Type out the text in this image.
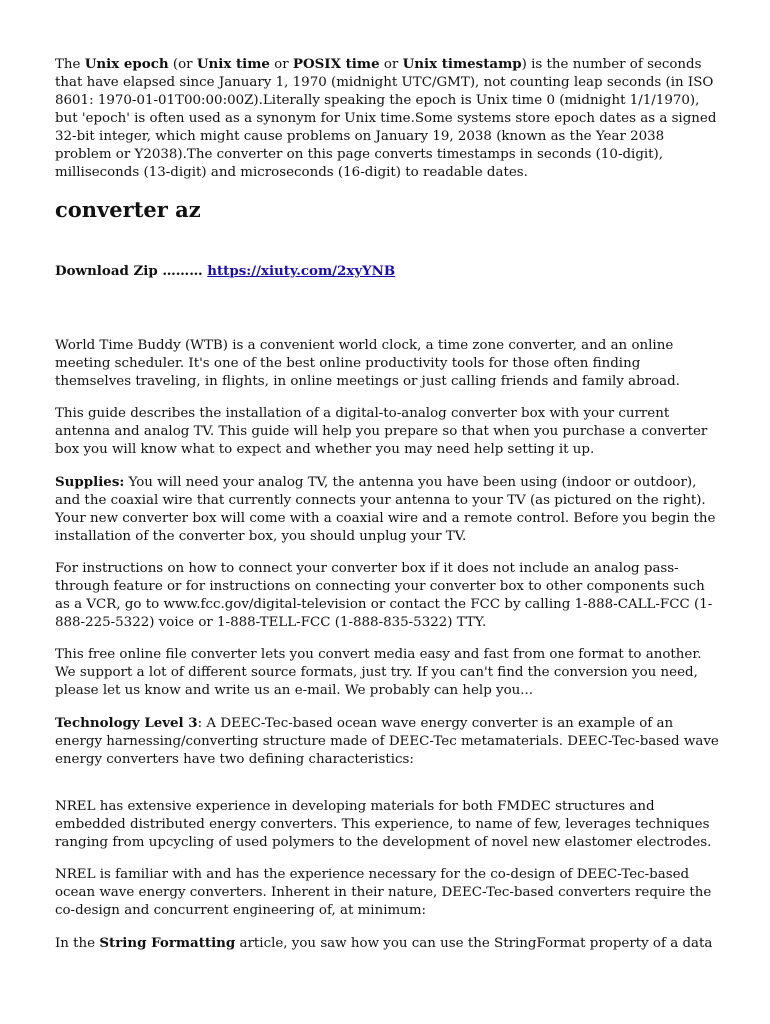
The Unix epoch (or Unix time or POSIX time or Unix timestamp) is the number of seconds that have elapsed since January 1, 1970 (midnight UTC/GMT), not counting leap seconds (in ISO 8601: 1970-01-01T00:00:00Z).Literally speaking the epoch is Unix time 0 (midnight 1/1/1970), but 'epoch' is often used as a synonym for Unix time.Some systems store epoch dates as a signed 32-bit integer, which might cause problems on January 19, 2038 (known as the Year 2038 problem or Y2038).The converter on this page converts timestamps in seconds (10-digit), milliseconds (13-digit) and microseconds (16-digit) to readable dates.

converter az

Download Zip ……… https://xiuty.com/2xyYNB

World Time Buddy (WTB) is a convenient world clock, a time zone converter, and an online meeting scheduler. It's one of the best online productivity tools for those often finding themselves traveling, in flights, in online meetings or just calling friends and family abroad.

This guide describes the installation of a digital-to-analog converter box with your current antenna and analog TV. This guide will help you prepare so that when you purchase a converter box you will know what to expect and whether you may need help setting it up.

Supplies: You will need your analog TV, the antenna you have been using (indoor or outdoor), and the coaxial wire that currently connects your antenna to your TV (as pictured on the right). Your new converter box will come with a coaxial wire and a remote control. Before you begin the installation of the converter box, you should unplug your TV.

For instructions on how to connect your converter box if it does not include an analog pass-through feature or for instructions on connecting your converter box to other components such as a VCR, go to www.fcc.gov/digital-television or contact the FCC by calling 1-888-CALL-FCC (1-888-225-5322) voice or 1-888-TELL-FCC (1-888-835-5322) TTY.

This free online file converter lets you convert media easy and fast from one format to another. We support a lot of different source formats, just try. If you can't find the conversion you need, please let us know and write us an e-mail. We probably can help you...

Technology Level 3: A DEEC-Tec-based ocean wave energy converter is an example of an energy harnessing/converting structure made of DEEC-Tec metamaterials. DEEC-Tec-based wave energy converters have two defining characteristics:

NREL has extensive experience in developing materials for both FMDEC structures and embedded distributed energy converters. This experience, to name of few, leverages techniques ranging from upcycling of used polymers to the development of novel new elastomer electrodes.

NREL is familiar with and has the experience necessary for the co-design of DEEC-Tec-based ocean wave energy converters. Inherent in their nature, DEEC-Tec-based converters require the co-design and concurrent engineering of, at minimum:

In the String Formatting article, you saw how you can use the StringFormat property of a data
